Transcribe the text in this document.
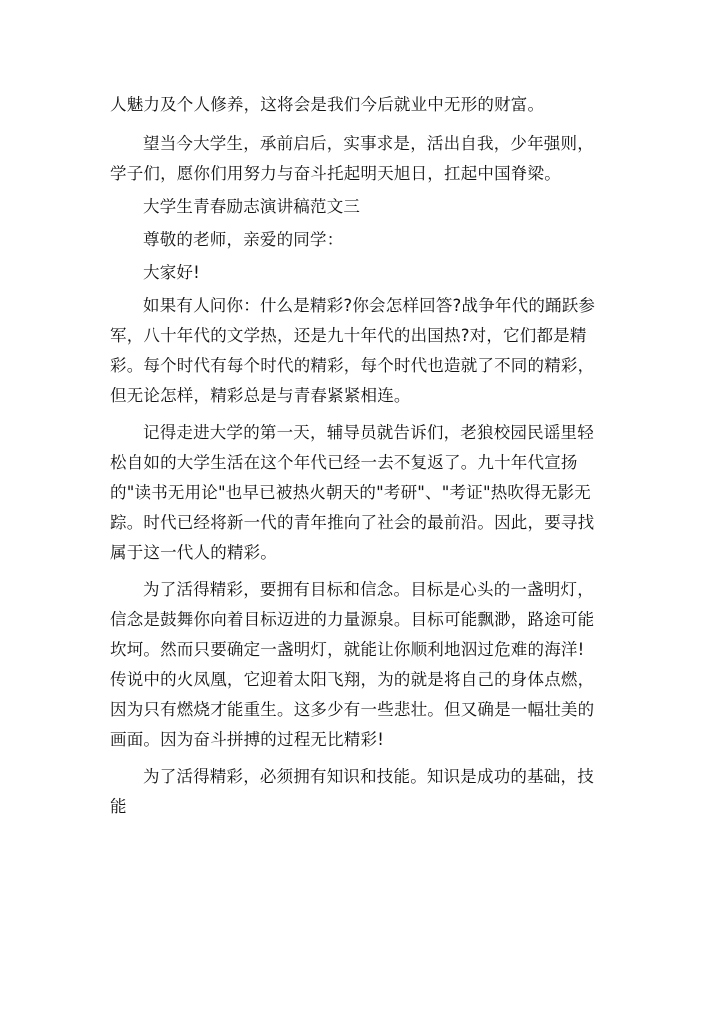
人魅力及个人修养，这将会是我们今后就业中无形的财富。

望当今大学生，承前启后，实事求是，活出自我，少年强则，学子们，愿你们用努力与奋斗托起明天旭日，扛起中国脊梁。

大学生青春励志演讲稿范文三

尊敬的老师，亲爱的同学：

大家好!

如果有人问你：什么是精彩?你会怎样回答?战争年代的踊跃参军，八十年代的文学热，还是九十年代的出国热?对，它们都是精彩。每个时代有每个时代的精彩，每个时代也造就了不同的精彩，但无论怎样，精彩总是与青春紧紧相连。

记得走进大学的第一天，辅导员就告诉们，老狼校园民谣里轻松自如的大学生活在这个年代已经一去不复返了。九十年代宣扬的"读书无用论"也早已被热火朝天的"考研"、"考证"热吹得无影无踪。时代已经将新一代的青年推向了社会的最前沿。因此，要寻找属于这一代人的精彩。

为了活得精彩，要拥有目标和信念。目标是心头的一盏明灯，信念是鼓舞你向着目标迈进的力量源泉。目标可能飘渺，路途可能坎坷。然而只要确定一盏明灯，就能让你顺利地泅过危难的海洋!传说中的火凤凰，它迎着太阳飞翔，为的就是将自己的身体点燃，因为只有燃烧才能重生。这多少有一些悲壮。但又确是一幅壮美的画面。因为奋斗拼搏的过程无比精彩!

为了活得精彩，必须拥有知识和技能。知识是成功的基础，技能
